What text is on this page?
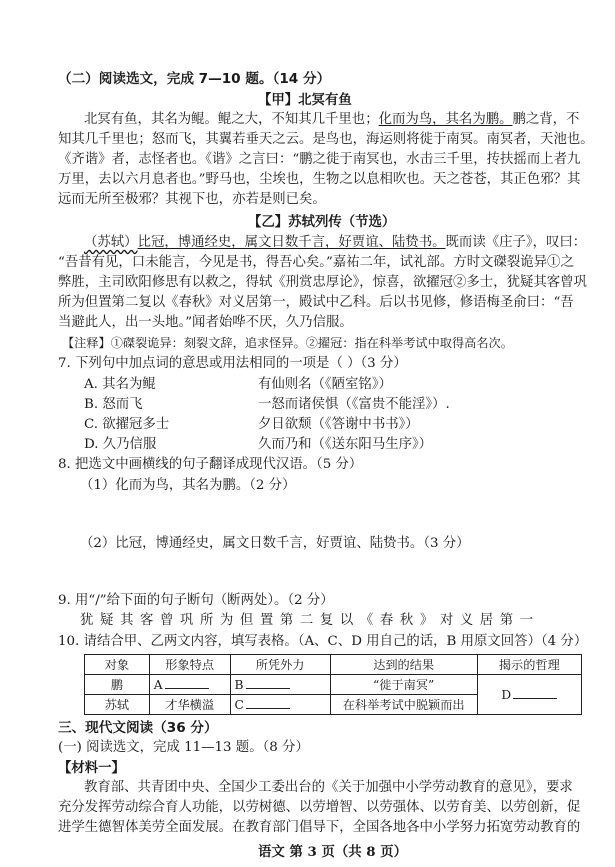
（二）阅读选文，完成 7—10 题。（14 分）
【甲】北冥有鱼
北冥有鱼，其名为鲲。鲲之大，不知其几千里也；化而为鸟，其名为鹏。鹏之背，不
知其几千里也；怒而飞，其翼若垂天之云。是鸟也，海运则将徙于南冥。南冥者，天池也。
《齐谐》者，志怪者也。《谐》之言曰：“鹏之徙于南冥也，水击三千里，抟扶摇而上者九
万里，去以六月息者也。”野马也，尘埃也，生物之以息相吹也。天之苍苍，其正色邪？其
远而无所至极邪？其视下也，亦若是则已矣。
【乙】苏轼列传（节选）
（苏轼）比冠，博通经史，属文日数千言，好贾谊、陆贽书。既而读《庄子》，叹曰：
“吾昔有见，口未能言，今见是书，得吾心矣。”嘉祐二年，试礼部。方时文磔裂诡异①之
弊胜，主司欧阳修思有以救之，得轼《刑赏忠厚论》，惊喜，欲擢冠②多士，犹疑其客曾巩
所为但置第二复以《春秋》对义居第一，殿试中乙科。后以书见修，修语梅圣俞曰：“吾
当避此人，出一头地。”闻者始哗不厌，久乃信服。
【注释】①磔裂诡异：刻裂文辞，追求怪异。②擢冠：指在科举考试中取得高名次。
7. 下列句中加点词的意思或用法相同的一项是（ ）（3 分）
A. 其名为鲲	有仙则名（《陋室铭》）
B. 怒而飞	一怒而诸侯惧（《富贵不能淫》）.
C. 欲擢冠多士	夕日欲颓（《答谢中书书》）
D. 久乃信服	久而乃和（《送东阳马生序》）
8. 把选文中画横线的句子翻译成现代汉语。（5 分）
（1）化而为鸟，其名为鹏。（2 分）
（2）比冠，博通经史，属文日数千言，好贾谊、陆贽书。（3 分）
9. 用“/”给下面的句子断句（断两处）。（2 分）
犹疑其客曾巩所为但置第二复以《春秋》对义居第一
10. 请结合甲、乙两文内容，填写表格。（A、C、D 用自己的话，B 用原文回答）（4 分）
对象	形象特点	所凭外力	达到的结果	揭示的哲理
鹏	A	B	“徙于南冥”	D
苏轼	才华横溢	C	在科举考试中脱颖而出	
三、现代文阅读（36 分）
(一) 阅读选文，完成 11—13 题。（8 分）
【材料一】
教育部、共青团中央、全国少工委出台的《关于加强中小学劳动教育的意见》，要求
充分发挥劳动综合育人功能，以劳树德、以劳增智、以劳强体、以劳育美、以劳创新，促
进学生德智体美劳全面发展。在教育部门倡导下，全国各地各中小学努力拓宽劳动教育的
语文 第 3 页（共 8 页）
